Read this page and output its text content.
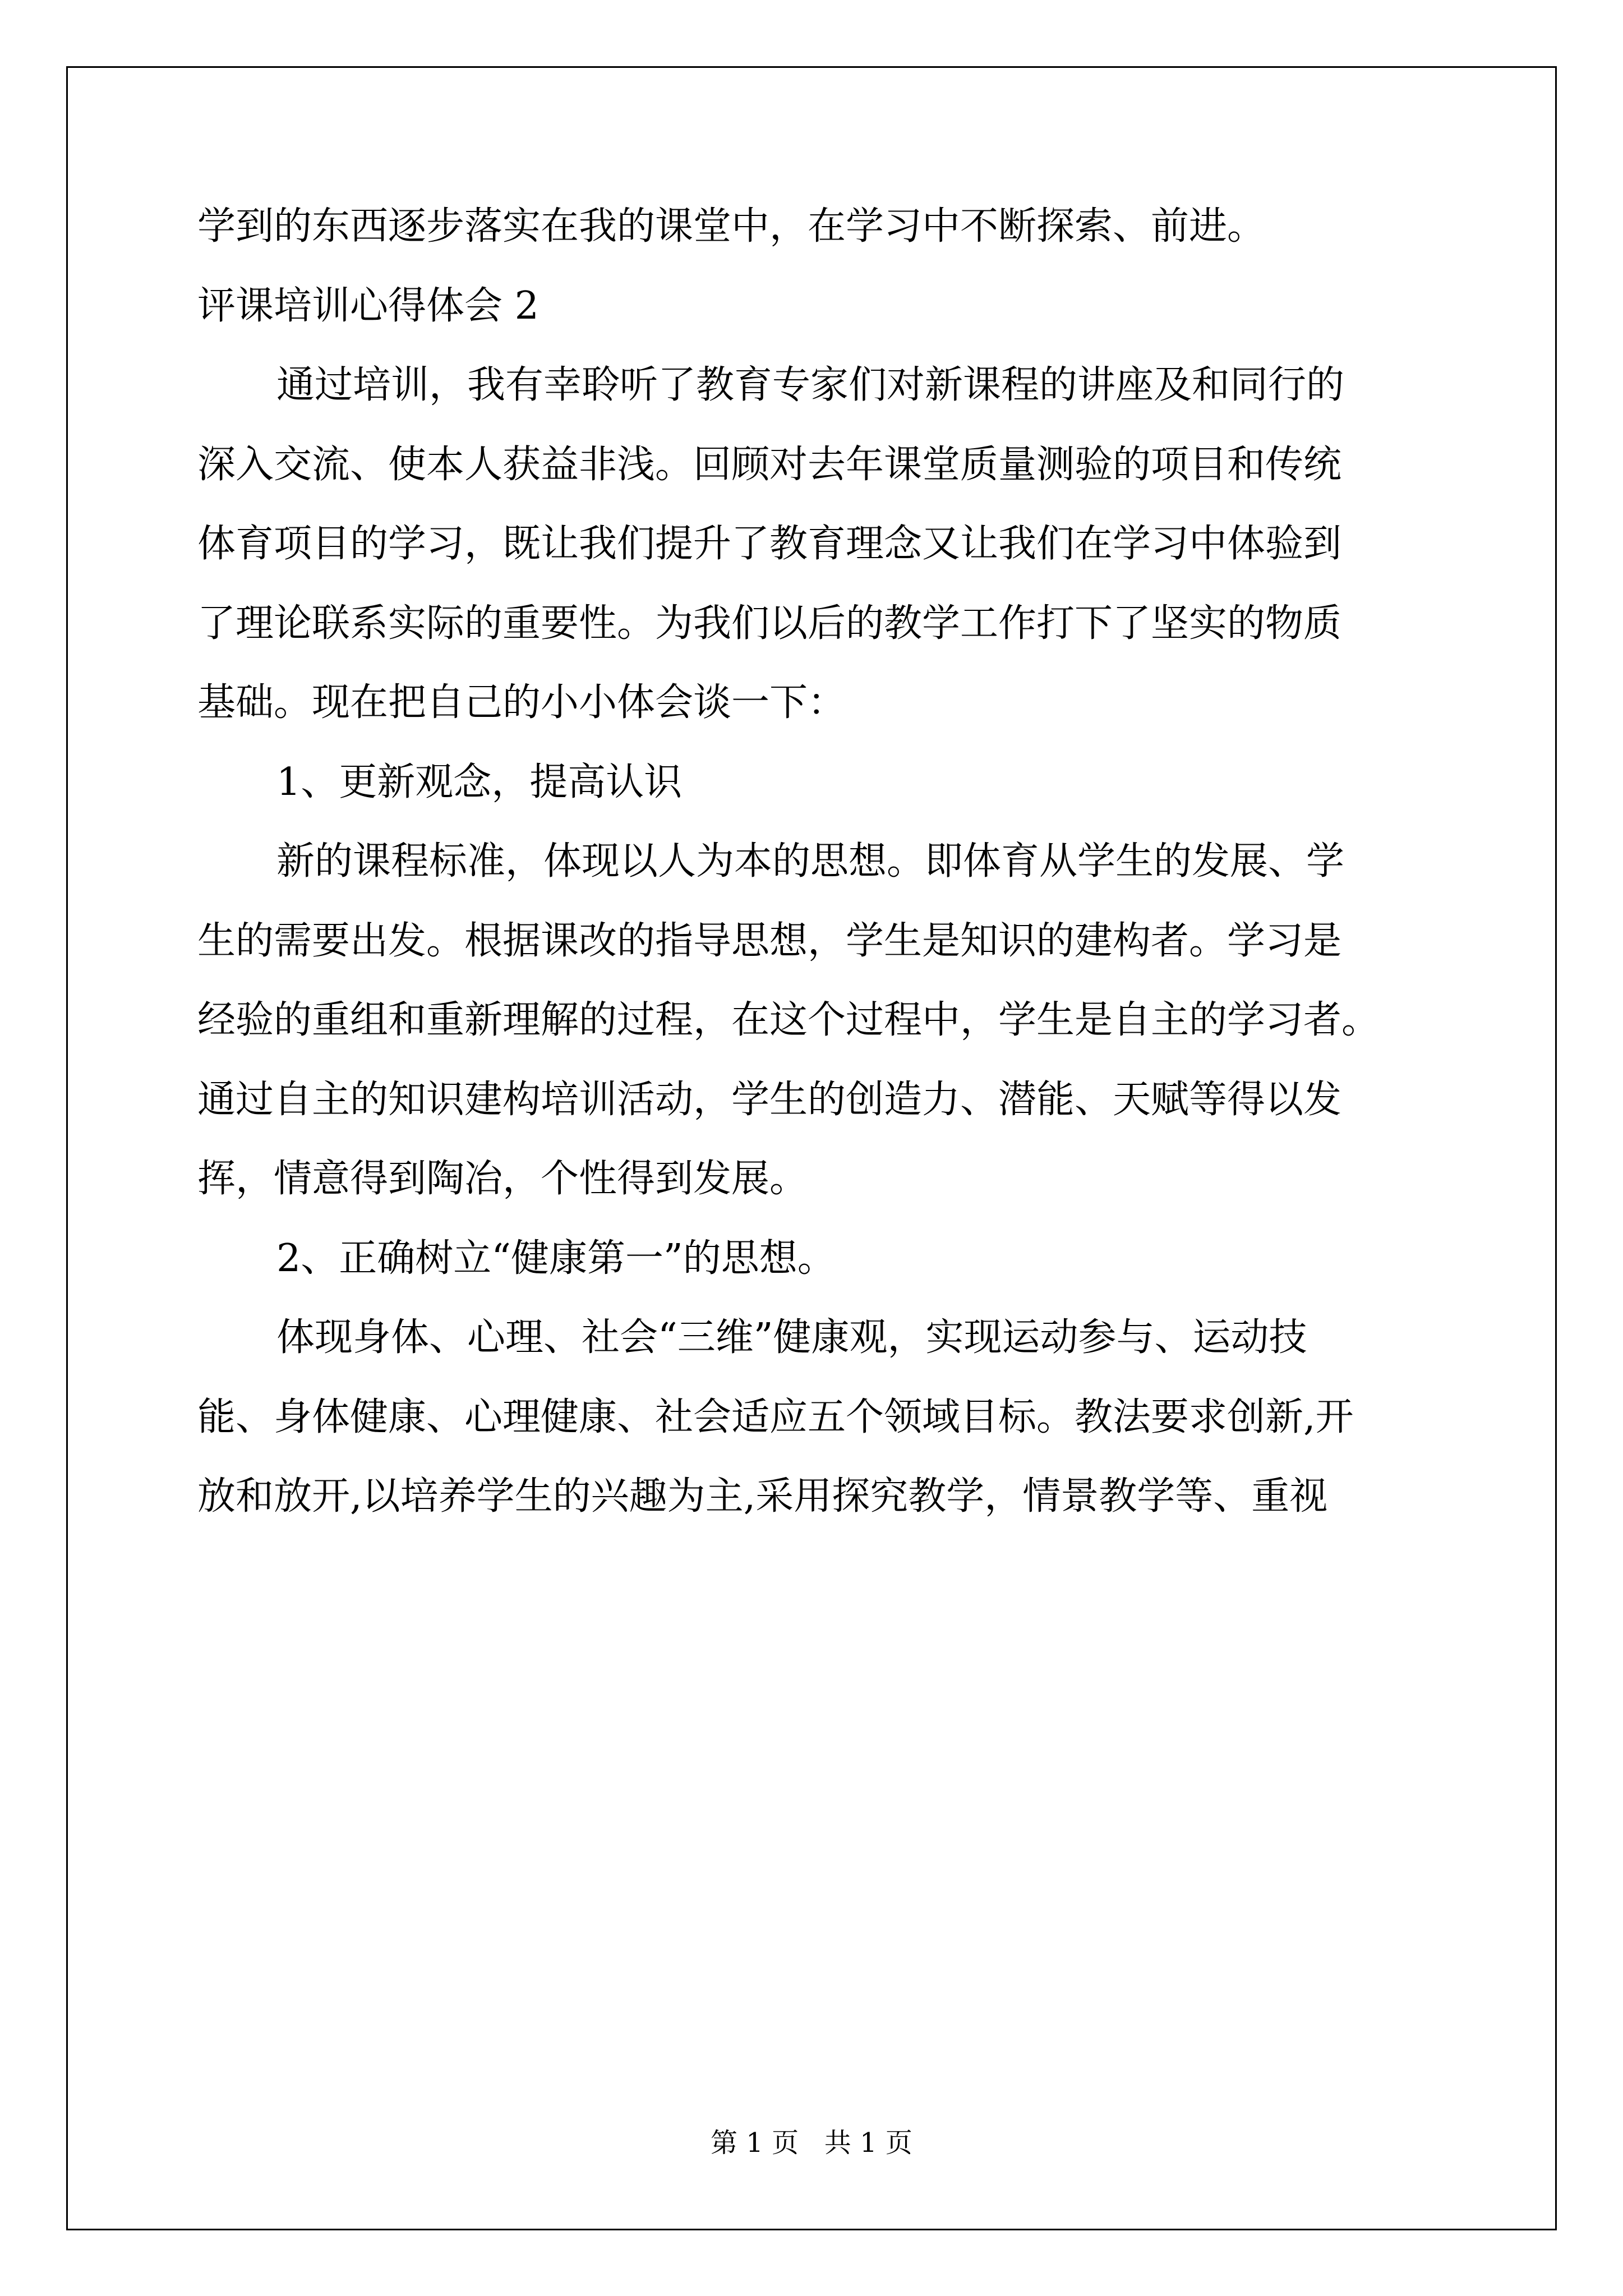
学到的东西逐步落实在我的课堂中，在学习中不断探索、前进。

评课培训心得体会 2

通过培训，我有幸聆听了教育专家们对新课程的讲座及和同行的

深入交流、使本人获益非浅。回顾对去年课堂质量测验的项目和传统

体育项目的学习，既让我们提升了教育理念又让我们在学习中体验到

了理论联系实际的重要性。为我们以后的教学工作打下了坚实的物质

基础。现在把自己的小小体会谈一下：

1、更新观念，提高认识

新的课程标准，体现以人为本的思想。即体育从学生的发展、学

生的需要出发。根据课改的指导思想，学生是知识的建构者。学习是

经验的重组和重新理解的过程，在这个过程中，学生是自主的学习者。

通过自主的知识建构培训活动，学生的创造力、潜能、天赋等得以发

挥，情意得到陶冶，个性得到发展。

2、正确树立“健康第一”的思想。

体现身体、心理、社会“三维”健康观，实现运动参与、运动技

能、身体健康、心理健康、社会适应五个领域目标。教法要求创新,开

放和放开,以培养学生的兴趣为主,采用探究教学，情景教学等、重视

第 1 页   共 1 页
